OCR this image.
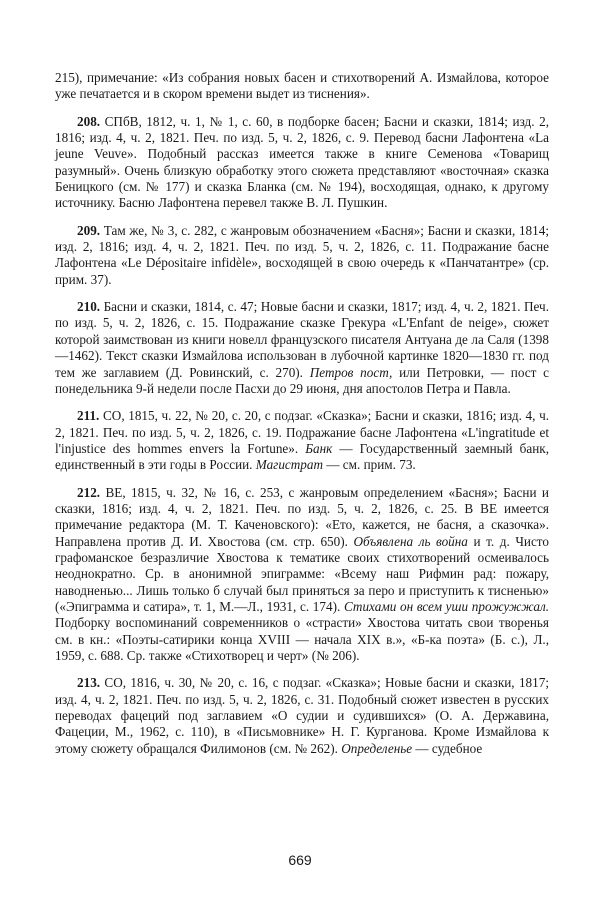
215), примечание: «Из собрания новых басен и стихотворений А. Измайлова, которое уже печатается и в скором времени выдет из тиснения».

208. СПбВ, 1812, ч. 1, № 1, с. 60, в подборке басен; Басни и сказки, 1814; изд. 2, 1816; изд. 4, ч. 2, 1821. Печ. по изд. 5, ч. 2, 1826, с. 9. Перевод басни Лафонтена «La jeune Veuve». Подобный рассказ имеется также в книге Семенова «Товарищ разумный». Очень близкую обработку этого сюжета представляют «восточная» сказка Беницкого (см. № 177) и сказка Бланка (см. № 194), восходящая, однако, к другому источнику. Басню Лафонтена перевел также В. Л. Пушкин.

209. Там же, № 3, с. 282, с жанровым обозначением «Басня»; Басни и сказки, 1814; изд. 2, 1816; изд. 4, ч. 2, 1821. Печ. по изд. 5, ч. 2, 1826, с. 11. Подражание басне Лафонтена «Le Dépositaire infidèle», восходящей в свою очередь к «Панчатантре» (ср. прим. 37).

210. Басни и сказки, 1814, с. 47; Новые басни и сказки, 1817; изд. 4, ч. 2, 1821. Печ. по изд. 5, ч. 2, 1826, с. 15. Подражание сказке Грекура «L'Enfant de neige», сюжет которой заимствован из книги новелл французского писателя Антуана де ла Саля (1398—1462). Текст сказки Измайлова использован в лубочной картинке 1820—1830 гг. под тем же заглавием (Д. Ровинский, с. 270). Петров пост, или Петровки, — пост с понедельника 9-й недели после Пасхи до 29 июня, дня апостолов Петра и Павла.

211. СО, 1815, ч. 22, № 20, с. 20, с подзаг. «Сказка»; Басни и сказки, 1816; изд. 4, ч. 2, 1821. Печ. по изд. 5, ч. 2, 1826, с. 19. Подражание басне Лафонтена «L'ingratitude et l'injustice des hommes envers la Fortune». Банк — Государственный заемный банк, единственный в эти годы в России. Магистрат — см. прим. 73.

212. ВЕ, 1815, ч. 32, № 16, с. 253, с жанровым определением «Басня»; Басни и сказки, 1816; изд. 4, ч. 2, 1821. Печ. по изд. 5, ч. 2, 1826, с. 25. В ВЕ имеется примечание редактора (М. Т. Каченовского): «Ето, кажется, не басня, а сказочка». Направлена против Д. И. Хвостова (см. стр. 650). Объявлена ль война и т. д. Чисто графоманское безразличие Хвостова к тематике своих стихотворений осмеивалось неоднократно. Ср. в анонимной эпиграмме: «Всему наш Рифмин рад: пожару, наводненью... Лишь только б случай был приняться за перо и приступить к тисненью» («Эпиграмма и сатира», т. 1, М.—Л., 1931, с. 174). Стихами он всем уши прожужжал. Подборку воспоминаний современников о «страсти» Хвостова читать свои творенья см. в кн.: «Поэты-сатирики конца XVIII — начала XIX в.», «Б-ка поэта» (Б. с.), Л., 1959, с. 688. Ср. также «Стихотворец и черт» (№ 206).

213. СО, 1816, ч. 30, № 20, с. 16, с подзаг. «Сказка»; Новые басни и сказки, 1817; изд. 4, ч. 2, 1821. Печ. по изд. 5, ч. 2, 1826, с. 31. Подобный сюжет известен в русских переводах фацеций под заглавием «О судии и судившихся» (О. А. Державина, Фацеции, М., 1962, с. 110), в «Письмовнике» Н. Г. Курганова. Кроме Измайлова к этому сюжету обращался Филимонов (см. № 262). Определенье — судебное

669
